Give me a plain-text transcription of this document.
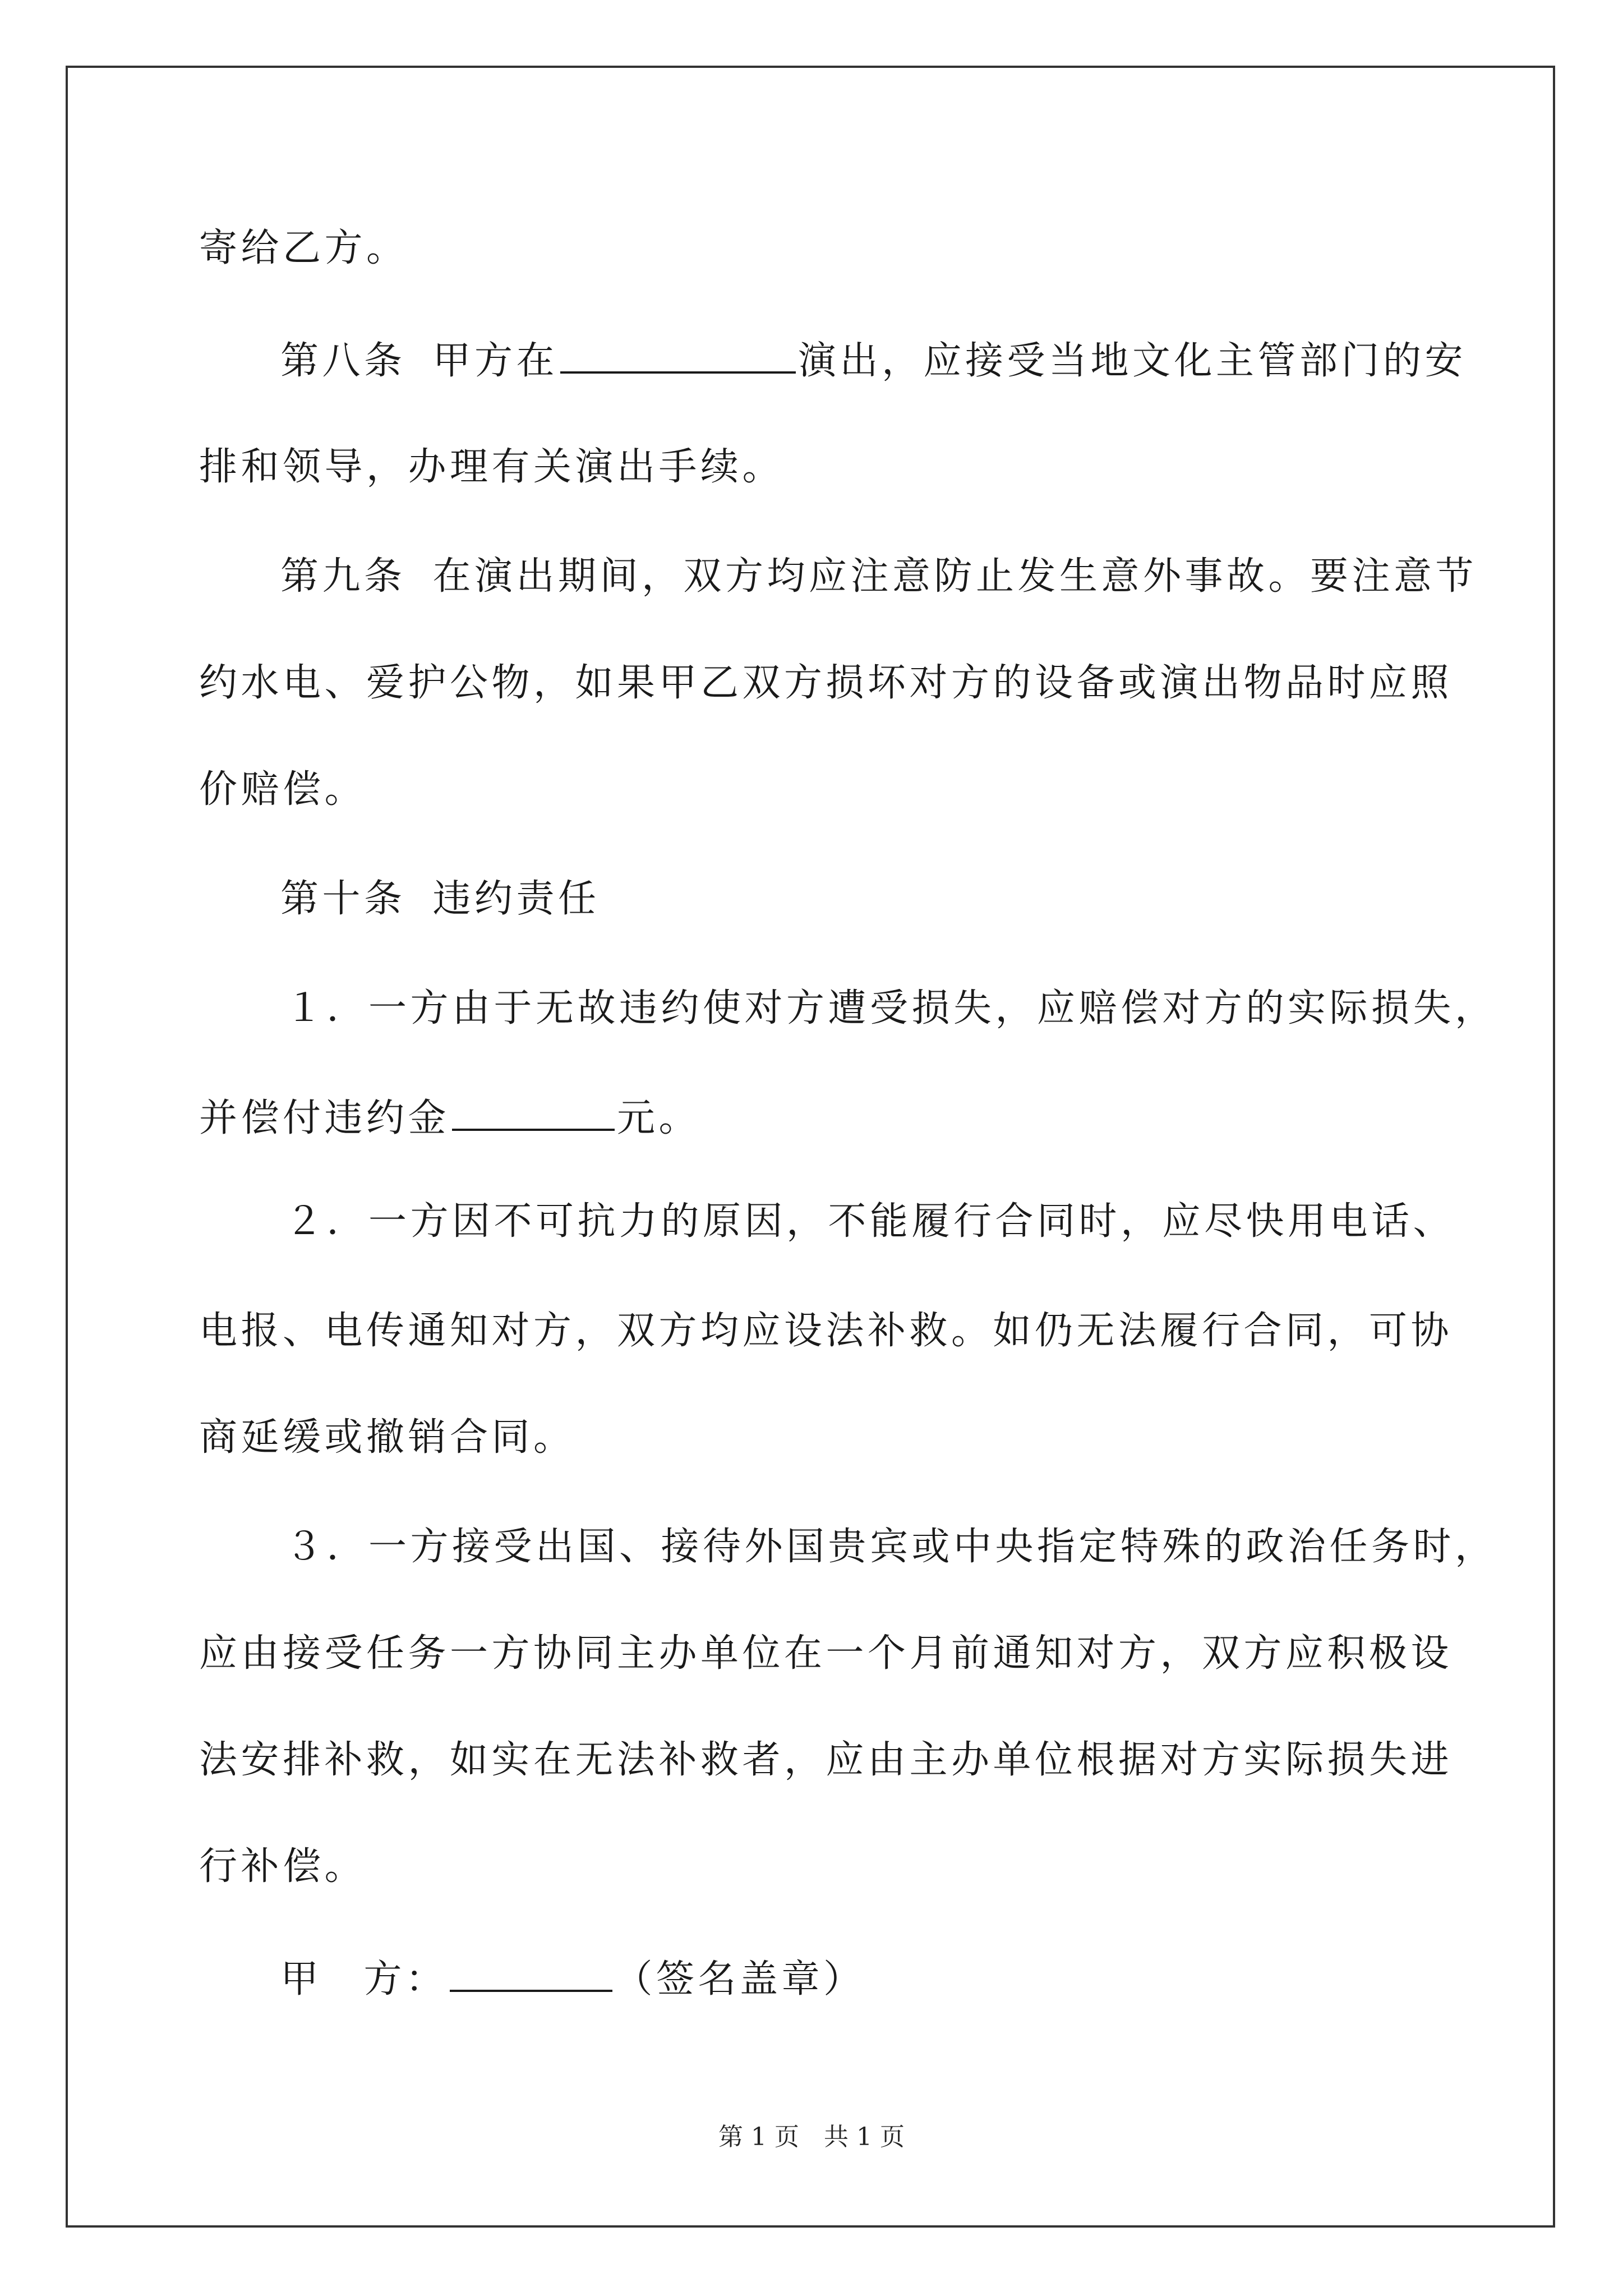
寄给乙方。
第八条 甲方在	演出，应接受当地文化主管部门的安
排和领导，办理有关演出手续。
第九条 在演出期间，双方均应注意防止发生意外事故。要注意节
约水电、爱护公物，如果甲乙双方损坏对方的设备或演出物品时应照
价赔偿。
第十条 违约责任
１．一方由于无故违约使对方遭受损失，应赔偿对方的实际损失，
并偿付违约金	元。
２．一方因不可抗力的原因，不能履行合同时，应尽快用电话、
电报、电传通知对方，双方均应设法补救。如仍无法履行合同，可协
商延缓或撤销合同。
３．一方接受出国、接待外国贵宾或中央指定特殊的政治任务时，
应由接受任务一方协同主办单位在一个月前通知对方，双方应积极设
法安排补救，如实在无法补救者，应由主办单位根据对方实际损失进
行补偿。
甲 方：	（签名盖章）
第 1 页　共 1 页
